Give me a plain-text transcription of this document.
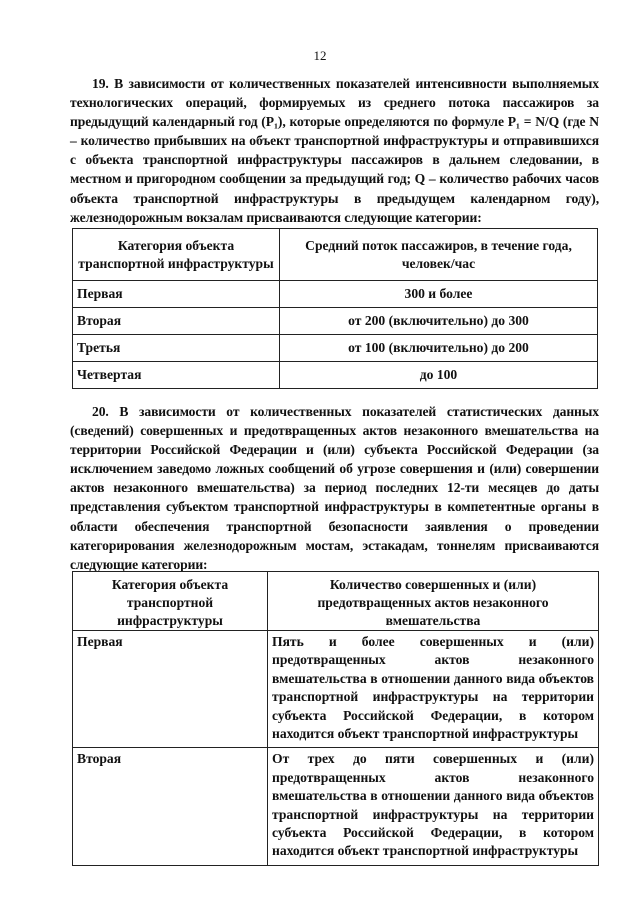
12

19. В зависимости от количественных показателей интенсивности выполняемых технологических операций, формируемых из среднего потока пассажиров за предыдущий календарный год (P₁), которые определяются по формуле P₁ = N/Q (где N – количество прибывших на объект транспортной инфраструктуры и отправившихся с объекта транспортной инфраструктуры пассажиров в дальнем следовании, в местном и пригородном сообщении за предыдущий год; Q – количество рабочих часов объекта транспортной инфраструктуры в предыдущем календарном году), железнодорожным вокзалам присваиваются следующие категории:

Категория объекта транспортной инфраструктуры	Средний поток пассажиров, в течение года, человек/час
Первая	300 и более
Вторая	от 200 (включительно) до 300
Третья	от 100 (включительно) до 200
Четвертая	до 100

20. В зависимости от количественных показателей статистических данных (сведений) совершенных и предотвращенных актов незаконного вмешательства на территории Российской Федерации и (или) субъекта Российской Федерации (за исключением заведомо ложных сообщений об угрозе совершения и (или) совершении актов незаконного вмешательства) за период последних 12-ти месяцев до даты представления субъектом транспортной инфраструктуры в компетентные органы в области обеспечения транспортной безопасности заявления о проведении категорирования железнодорожным мостам, эстакадам, тоннелям присваиваются следующие категории:

Категория объекта транспортной инфраструктуры	Количество совершенных и (или) предотвращенных актов незаконного вмешательства
Первая	Пять и более совершенных и (или) предотвращенных актов незаконного вмешательства в отношении данного вида объектов транспортной инфраструктуры на территории субъекта Российской Федерации, в котором находится объект транспортной инфраструктуры
Вторая	От трех до пяти совершенных и (или) предотвращенных актов незаконного вмешательства в отношении данного вида объектов транспортной инфраструктуры на территории субъекта Российской Федерации, в котором находится объект транспортной инфраструктуры
